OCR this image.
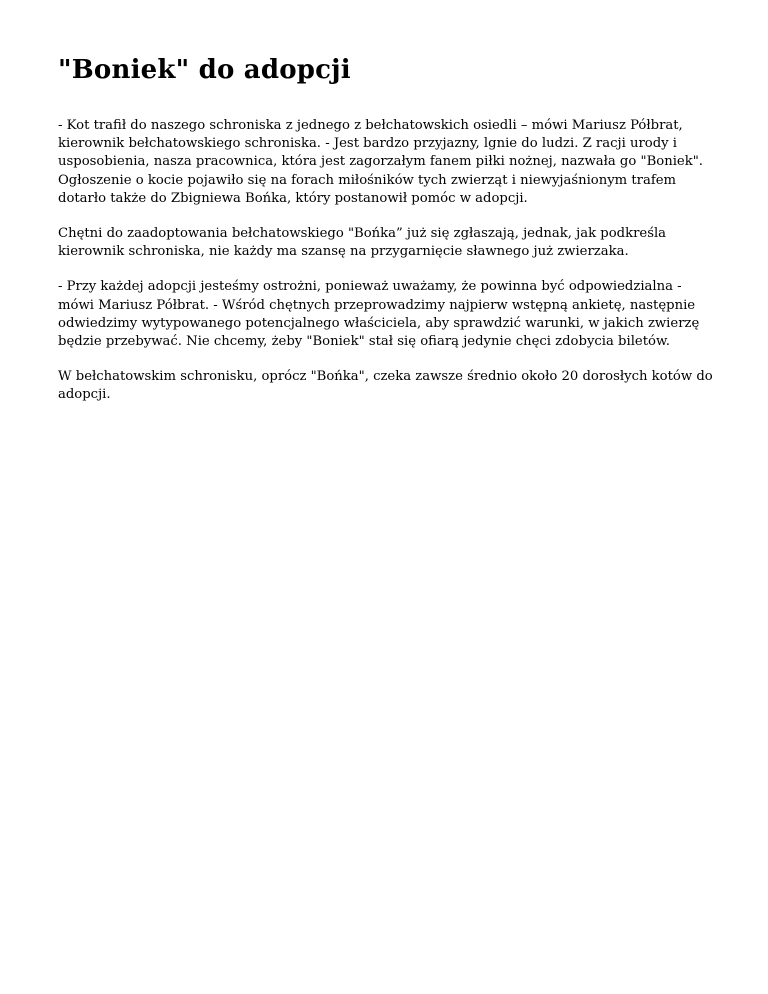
"Boniek" do adopcji

- Kot trafił do naszego schroniska z jednego z bełchatowskich osiedli – mówi Mariusz Półbrat, kierownik bełchatowskiego schroniska. - Jest bardzo przyjazny, lgnie do ludzi. Z racji urody i usposobienia, nasza pracownica, która jest zagorzałym fanem piłki nożnej, nazwała go "Boniek". Ogłoszenie o kocie pojawiło się na forach miłośników tych zwierząt i niewyjaśnionym trafem dotarło także do Zbigniewa Bońka, który postanowił pomóc w adopcji.

Chętni do zaadoptowania bełchatowskiego "Bońka” już się zgłaszają, jednak, jak podkreśla kierownik schroniska, nie każdy ma szansę na przygarnięcie sławnego już zwierzaka.

- Przy każdej adopcji jesteśmy ostrożni, ponieważ uważamy, że powinna być odpowiedzialna - mówi Mariusz Półbrat. - Wśród chętnych przeprowadzimy najpierw wstępną ankietę, następnie odwiedzimy wytypowanego potencjalnego właściciela, aby sprawdzić warunki, w jakich zwierzę będzie przebywać. Nie chcemy, żeby "Boniek" stał się ofiarą jedynie chęci zdobycia biletów.

W bełchatowskim schronisku, oprócz "Bońka", czeka zawsze średnio około 20 dorosłych kotów do adopcji.
